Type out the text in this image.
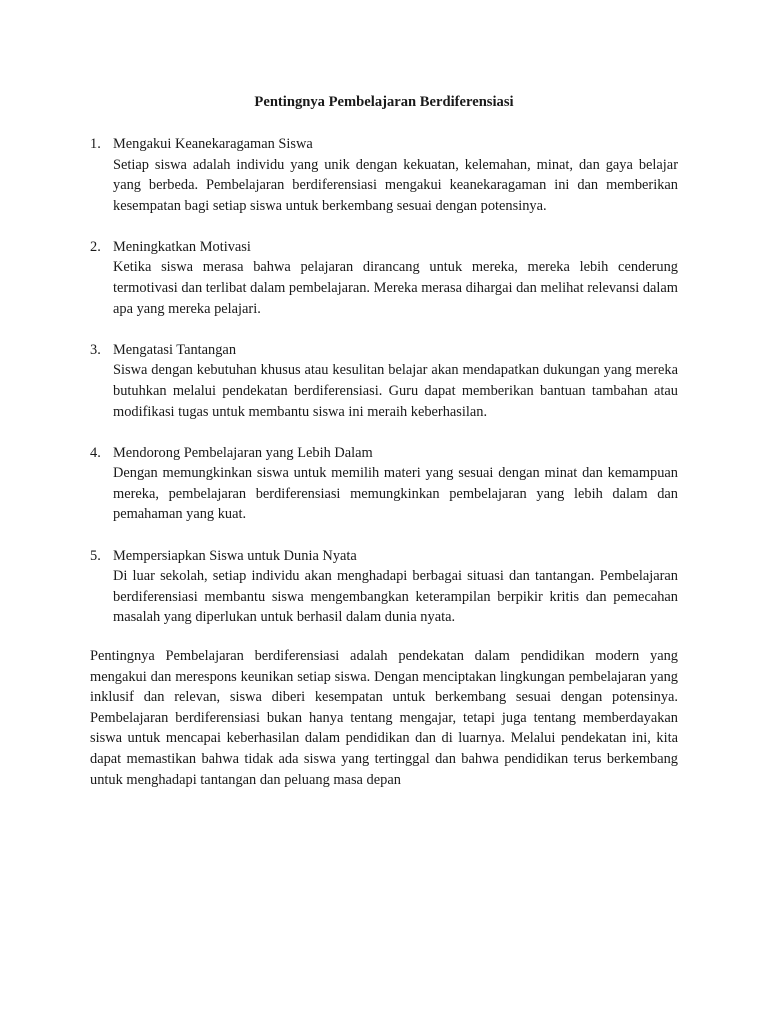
Pentingnya Pembelajaran Berdiferensiasi
1. Mengakui Keanekaragaman Siswa
Setiap siswa adalah individu yang unik dengan kekuatan, kelemahan, minat, dan gaya belajar yang berbeda. Pembelajaran berdiferensiasi mengakui keanekaragaman ini dan memberikan kesempatan bagi setiap siswa untuk berkembang sesuai dengan potensinya.
2. Meningkatkan Motivasi
Ketika siswa merasa bahwa pelajaran dirancang untuk mereka, mereka lebih cenderung termotivasi dan terlibat dalam pembelajaran. Mereka merasa dihargai dan melihat relevansi dalam apa yang mereka pelajari.
3. Mengatasi Tantangan
Siswa dengan kebutuhan khusus atau kesulitan belajar akan mendapatkan dukungan yang mereka butuhkan melalui pendekatan berdiferensiasi. Guru dapat memberikan bantuan tambahan atau modifikasi tugas untuk membantu siswa ini meraih keberhasilan.
4. Mendorong Pembelajaran yang Lebih Dalam
Dengan memungkinkan siswa untuk memilih materi yang sesuai dengan minat dan kemampuan mereka, pembelajaran berdiferensiasi memungkinkan pembelajaran yang lebih dalam dan pemahaman yang kuat.
5. Mempersiapkan Siswa untuk Dunia Nyata
Di luar sekolah, setiap individu akan menghadapi berbagai situasi dan tantangan. Pembelajaran berdiferensiasi membantu siswa mengembangkan keterampilan berpikir kritis dan pemecahan masalah yang diperlukan untuk berhasil dalam dunia nyata.

Pentingnya Pembelajaran berdiferensiasi adalah pendekatan dalam pendidikan modern yang mengakui dan merespons keunikan setiap siswa. Dengan menciptakan lingkungan pembelajaran yang inklusif dan relevan, siswa diberi kesempatan untuk berkembang sesuai dengan potensinya. Pembelajaran berdiferensiasi bukan hanya tentang mengajar, tetapi juga tentang memberdayakan siswa untuk mencapai keberhasilan dalam pendidikan dan di luarnya. Melalui pendekatan ini, kita dapat memastikan bahwa tidak ada siswa yang tertinggal dan bahwa pendidikan terus berkembang untuk menghadapi tantangan dan peluang masa depan
